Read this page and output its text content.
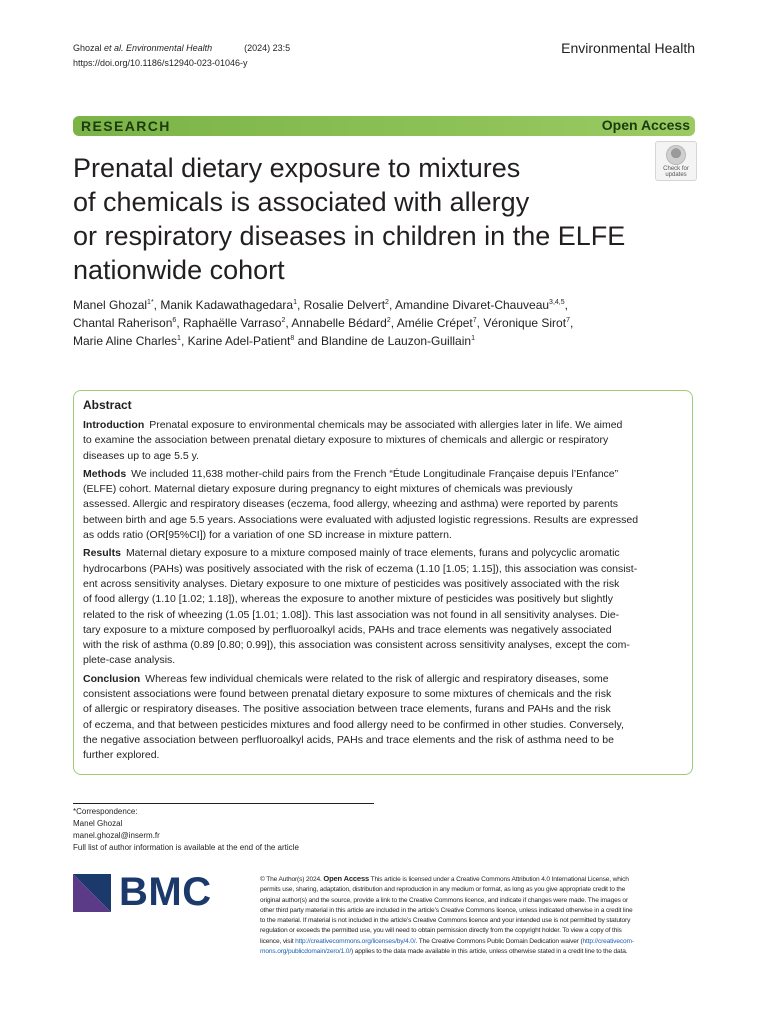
Ghozal et al. Environmental Health	(2024) 23:5
https://doi.org/10.1186/s12940-023-01046-y
Environmental Health
RESEARCH	Open Access
Prenatal dietary exposure to mixtures
of chemicals is associated with allergy
or respiratory diseases in children in the ELFE
nationwide cohort
Check for
updates
Manel Ghozal$^{1*}$, Manik Kadawathagedara$^1$, Rosalie Delvert$^2$, Amandine Divaret-Chauveau$^{3,4,5}$,
Chantal Raherison$^6$, Raphaëlle Varraso$^2$, Annabelle Bédard$^2$, Amélie Crépet$^7$, Véronique Sirot$^7$,
Marie Aline Charles$^1$, Karine Adel-Patient$^8$ and Blandine de Lauzon-Guillain$^1$
Abstract
Introduction Prenatal exposure to environmental chemicals may be associated with allergies later in life. We aimed
to examine the association between prenatal dietary exposure to mixtures of chemicals and allergic or respiratory
diseases up to age 5.5 y.
Methods We included 11,638 mother-child pairs from the French “Étude Longitudinale Française depuis l’Enfance”
(ELFE) cohort. Maternal dietary exposure during pregnancy to eight mixtures of chemicals was previously
assessed. Allergic and respiratory diseases (eczema, food allergy, wheezing and asthma) were reported by parents
between birth and age 5.5 years. Associations were evaluated with adjusted logistic regressions. Results are expressed
as odds ratio (OR[95%CI]) for a variation of one SD increase in mixture pattern.
Results Maternal dietary exposure to a mixture composed mainly of trace elements, furans and polycyclic aromatic
hydrocarbons (PAHs) was positively associated with the risk of eczema (1.10 [1.05; 1.15]), this association was consist-
ent across sensitivity analyses. Dietary exposure to one mixture of pesticides was positively associated with the risk
of food allergy (1.10 [1.02; 1.18]), whereas the exposure to another mixture of pesticides was positively but slightly
related to the risk of wheezing (1.05 [1.01; 1.08]). This last association was not found in all sensitivity analyses. Die-
tary exposure to a mixture composed by perfluoroalkyl acids, PAHs and trace elements was negatively associated
with the risk of asthma (0.89 [0.80; 0.99]), this association was consistent across sensitivity analyses, except the com-
plete-case analysis.
Conclusion Whereas few individual chemicals were related to the risk of allergic and respiratory diseases, some
consistent associations were found between prenatal dietary exposure to some mixtures of chemicals and the risk
of allergic or respiratory diseases. The positive association between trace elements, furans and PAHs and the risk
of eczema, and that between pesticides mixtures and food allergy need to be confirmed in other studies. Conversely,
the negative association between perfluoroalkyl acids, PAHs and trace elements and the risk of asthma need to be
further explored.
*Correspondence:
Manel Ghozal
manel.ghozal@inserm.fr
Full list of author information is available at the end of the article
BMC	© The Author(s) 2024. Open Access This article is licensed under a Creative Commons Attribution 4.0 International License, which
permits use, sharing, adaptation, distribution and reproduction in any medium or format, as long as you give appropriate credit to the
original author(s) and the source, provide a link to the Creative Commons licence, and indicate if changes were made. The images or
other third party material in this article are included in the article’s Creative Commons licence, unless indicated otherwise in a credit line
to the material. If material is not included in the article’s Creative Commons licence and your intended use is not permitted by statutory
regulation or exceeds the permitted use, you will need to obtain permission directly from the copyright holder. To view a copy of this
licence, visit http://creativecommons.org/licenses/by/4.0/. The Creative Commons Public Domain Dedication waiver (http://creativecom-
mons.org/publicdomain/zero/1.0/) applies to the data made available in this article, unless otherwise stated in a credit line to the data.
